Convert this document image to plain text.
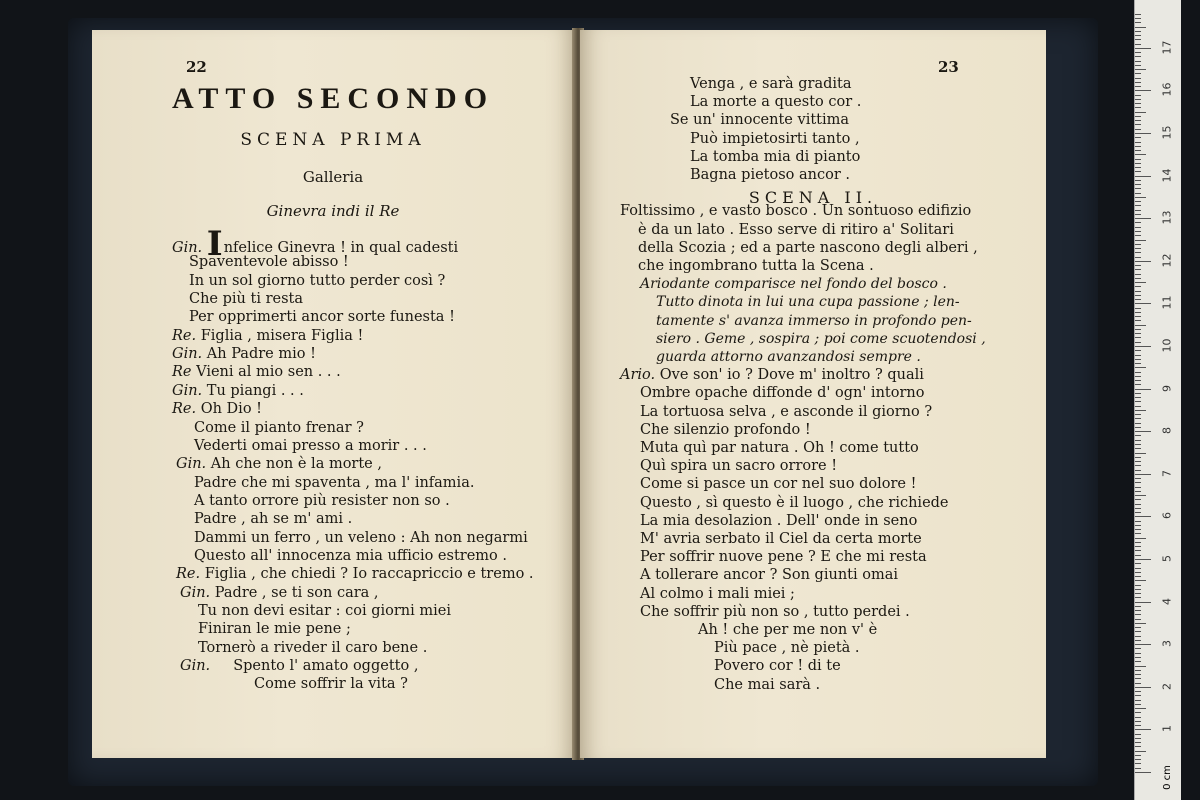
22
ATTO SECONDO
SCENA PRIMA
Galleria
Ginevra indi il Re
Gin. Infelice Ginevra ! in qual cadesti
Spaventevole abisso !
In un sol giorno tutto perder così ?
Che più ti resta
Per opprimerti ancor sorte funesta !
Re. Figlia , misera Figlia !
Gin. Ah Padre mio !
Re Vieni al mio sen . . .
Gin. Tu piangi . . .
Re. Oh Dio !
Come il pianto frenar ?
Vederti omai presso a morir . . .
Gin. Ah che non è la morte ,
Padre che mi spaventa , ma l' infamia.
A tanto orrore più resister non so .
Padre , ah se m' ami .
Dammi un ferro , un veleno : Ah non negarmi
Questo all' innocenza mia ufficio estremo .
Re. Figlia , che chiedi ? Io raccapriccio e tremo .
Gin. Padre , se ti son cara ,
Tu non devi esitar : coi giorni miei
Finiran le mie pene ;
Tornerò a riveder il caro bene .
Gin. Spento l' amato oggetto ,
Come soffrir la vita ?
23
Venga , e sarà gradita
La morte a questo cor .
Se un' innocente vittima
Può impietosirti tanto ,
La tomba mia di pianto
Bagna pietoso ancor .
Foltissimo , e vasto bosco . Un sontuoso edifizio
è da un lato . Esso serve di ritiro a' Solitari
della Scozia ; ed a parte nascono degli alberi ,
che ingombrano tutta la Scena .
Ariodante comparisce nel fondo del bosco .
Tutto dinota in lui una cupa passione ; len-
tamente s' avanza immerso in profondo pen-
siero . Geme , sospira ; poi come scuotendosi ,
guarda attorno avanzandosi sempre .
Ario. Ove son' io ? Dove m' inoltro ? quali
Ombre opache diffonde d' ogn' intorno
La tortuosa selva , e asconde il giorno ?
Che silenzio profondo !
Muta quì par natura . Oh ! come tutto
Quì spira un sacro orrore !
Come si pasce un cor nel suo dolore !
Questo , sì questo è il luogo , che richiede
La mia desolazion . Dell' onde in seno
M' avria serbato il Ciel da certa morte
Per soffrir nuove pene ? E che mi resta
A tollerare ancor ? Son giunti omai
Al colmo i mali miei ;
Che soffrir più non so , tutto perdei .
Ah ! che per me non v' è
Più pace , nè pietà .
Povero cor ! di te
Che mai sarà .
SCENA II.
0 cm
1
2
3
4
5
6
7
8
9
10
11
12
13
14
15
16
17
